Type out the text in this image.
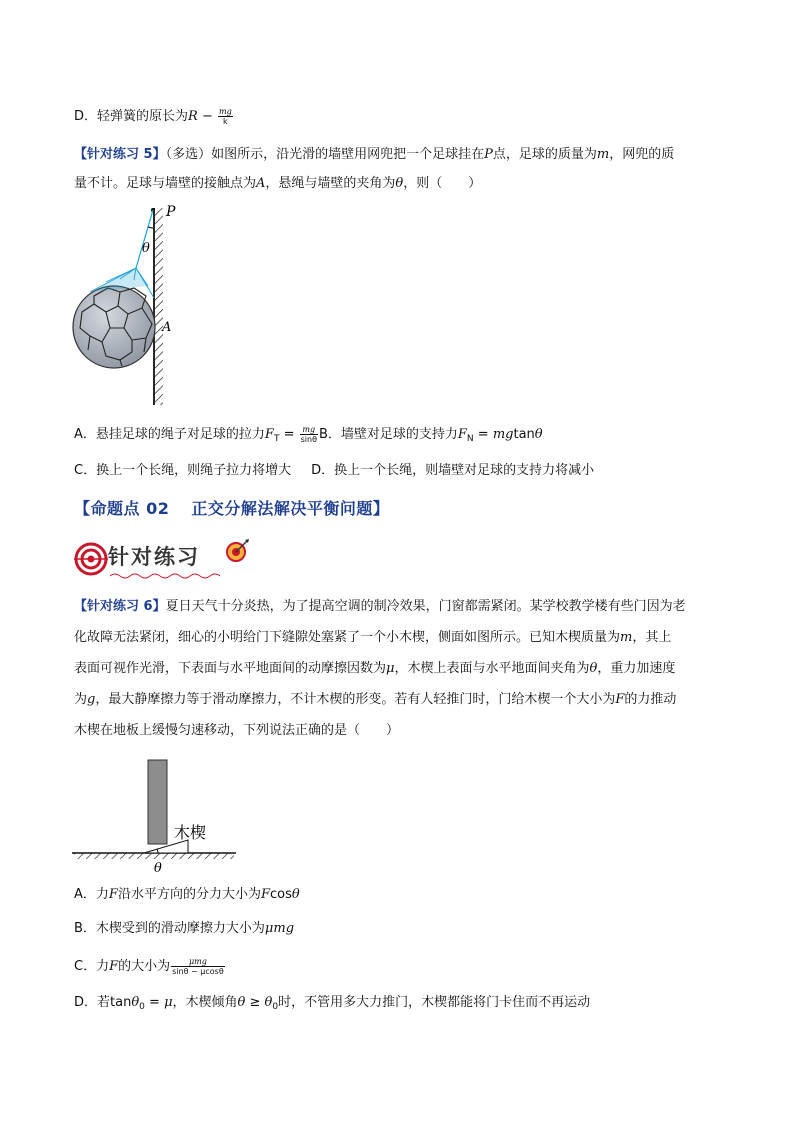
D．轻弹簧的原长为$R - \frac{mg}{k}$
【针对练习 5】（多选）如图所示，沿光滑的墙壁用网兜把一个足球挂在P点，足球的质量为m，网兜的质
量不计。足球与墙壁的接触点为A，悬绳与墙壁的夹角为θ，则（　　）
P
θ
A
A．悬挂足球的绳子对足球的拉力$F_T = \frac{mg}{\sin\theta}$ B．墙壁对足球的支持力$F_N = mgtan\theta$
C．换上一个长绳，则绳子拉力将增大 D．换上一个长绳，则墙壁对足球的支持力将减小
【命题点 02 正交分解法解决平衡问题】
针对练习
【针对练习 6】夏日天气十分炎热，为了提高空调的制冷效果，门窗都需紧闭。某学校教学楼有些门因为老
化故障无法紧闭，细心的小明给门下缝隙处塞紧了一个小木楔，侧面如图所示。已知木楔质量为m，其上
表面可视作光滑，下表面与水平地面间的动摩擦因数为μ，木楔上表面与水平地面间夹角为θ，重力加速度
为g，最大静摩擦力等于滑动摩擦力，不计木楔的形变。若有人轻推门时，门给木楔一个大小为F的力推动
木楔在地板上缓慢匀速移动，下列说法正确的是（　　）
木楔
θ
A．力F沿水平方向的分力大小为Fcosθ
B．木楔受到的滑动摩擦力大小为μmg
C．力F的大小为 $\frac{\text{μmg}}{\sin\theta - \mu\cos\theta}$
D．若tanθ$_0$ = μ，木楔倾角$\theta \ge \theta_0$时，不管用多大力推门，木楔都能将门卡住而不再运动
